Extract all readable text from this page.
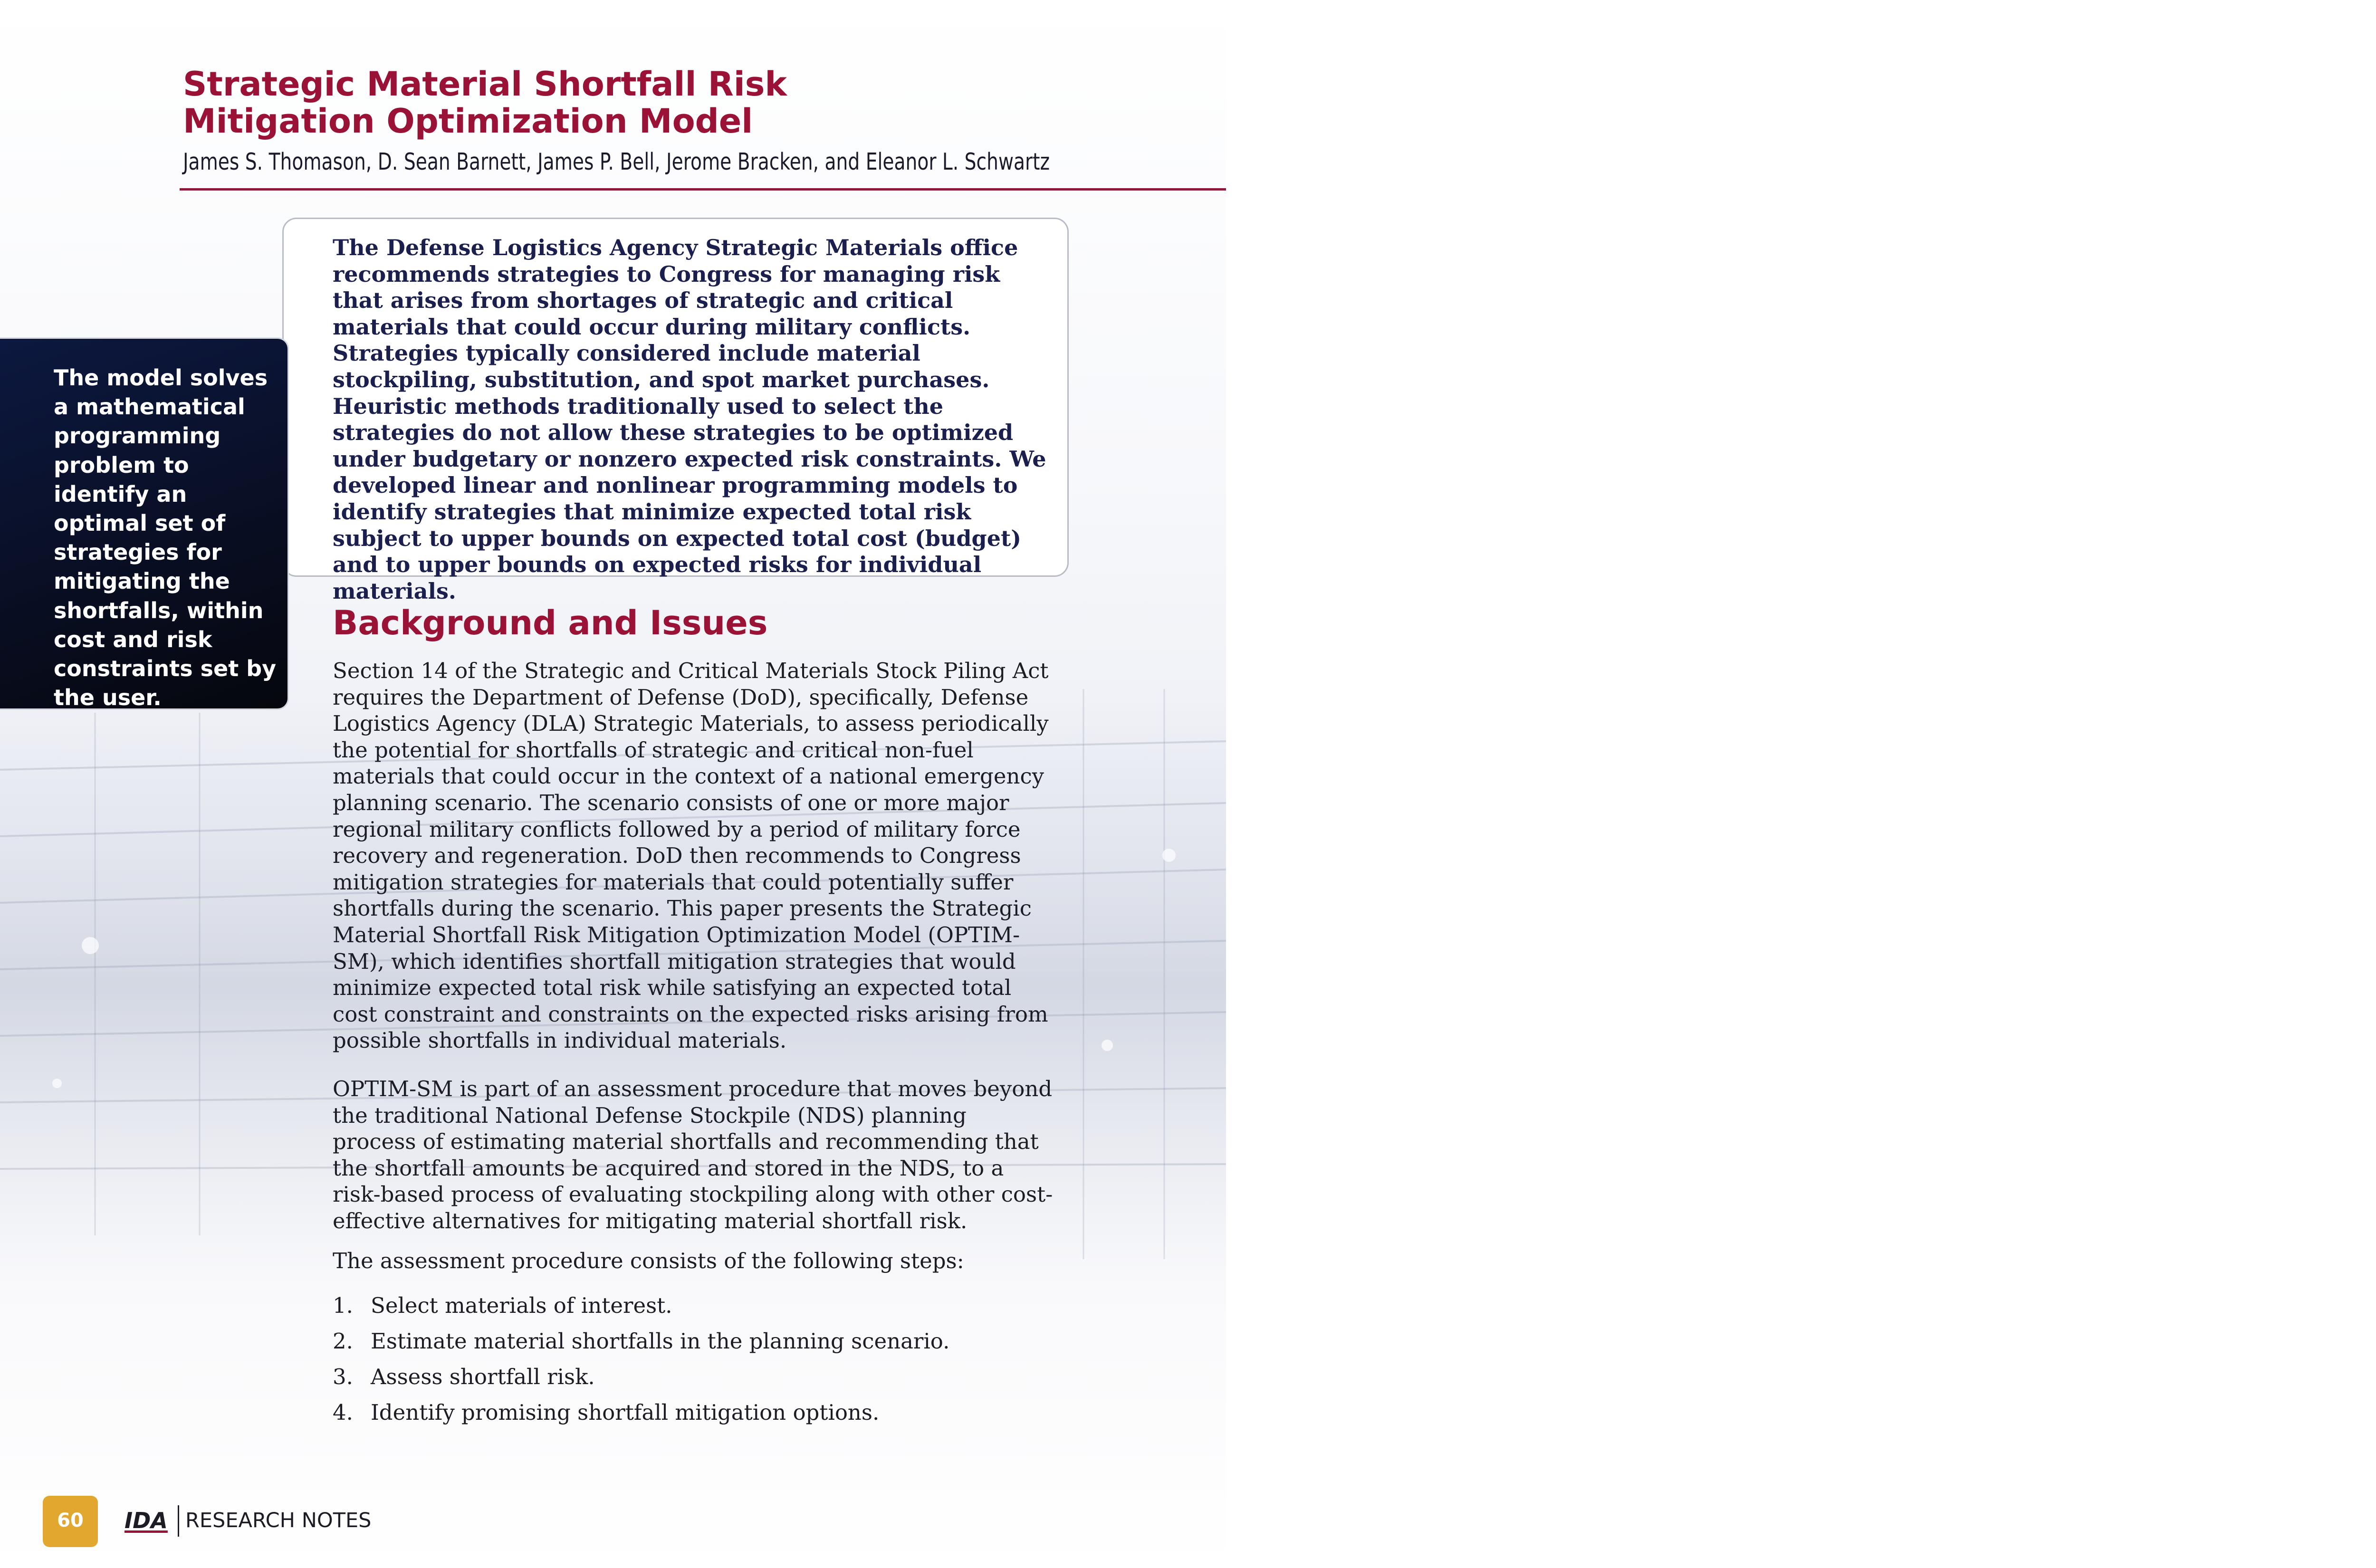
Strategic Material Shortfall Risk
Mitigation Optimization Model
James S. Thomason, D. Sean Barnett, James P. Bell, Jerome Bracken, and Eleanor L. Schwartz

The Defense Logistics Agency Strategic Materials office recommends strategies to Congress for managing risk that arises from shortages of strategic and critical materials that could occur during military conflicts. Strategies typically considered include material stockpiling, substitution, and spot market purchases. Heuristic methods traditionally used to select the strategies do not allow these strategies to be optimized under budgetary or nonzero expected risk constraints. We developed linear and nonlinear programming models to identify strategies that minimize expected total risk subject to upper bounds on expected total cost (budget) and to upper bounds on expected risks for individual materials.

The model solves a mathematical programming problem to identify an optimal set of strategies for mitigating the shortfalls, within cost and risk constraints set by the user.

Background and Issues

Section 14 of the Strategic and Critical Materials Stock Piling Act requires the Department of Defense (DoD), specifically, Defense Logistics Agency (DLA) Strategic Materials, to assess periodically the potential for shortfalls of strategic and critical non-fuel materials that could occur in the context of a national emergency planning scenario. The scenario consists of one or more major regional military conflicts followed by a period of military force recovery and regeneration. DoD then recommends to Congress mitigation strategies for materials that could potentially suffer shortfalls during the scenario. This paper presents the Strategic Material Shortfall Risk Mitigation Optimization Model (OPTIM-SM), which identifies shortfall mitigation strategies that would minimize expected total risk while satisfying an expected total cost constraint and constraints on the expected risks arising from possible shortfalls in individual materials.

OPTIM-SM is part of an assessment procedure that moves beyond the traditional National Defense Stockpile (NDS) planning process of estimating material shortfalls and recommending that the shortfall amounts be acquired and stored in the NDS, to a risk-based process of evaluating stockpiling along with other cost-effective alternatives for mitigating material shortfall risk.

The assessment procedure consists of the following steps:

1. Select materials of interest.
2. Estimate material shortfalls in the planning scenario.
3. Assess shortfall risk.
4. Identify promising shortfall mitigation options.
60	IDA RESEARCH NOTES
